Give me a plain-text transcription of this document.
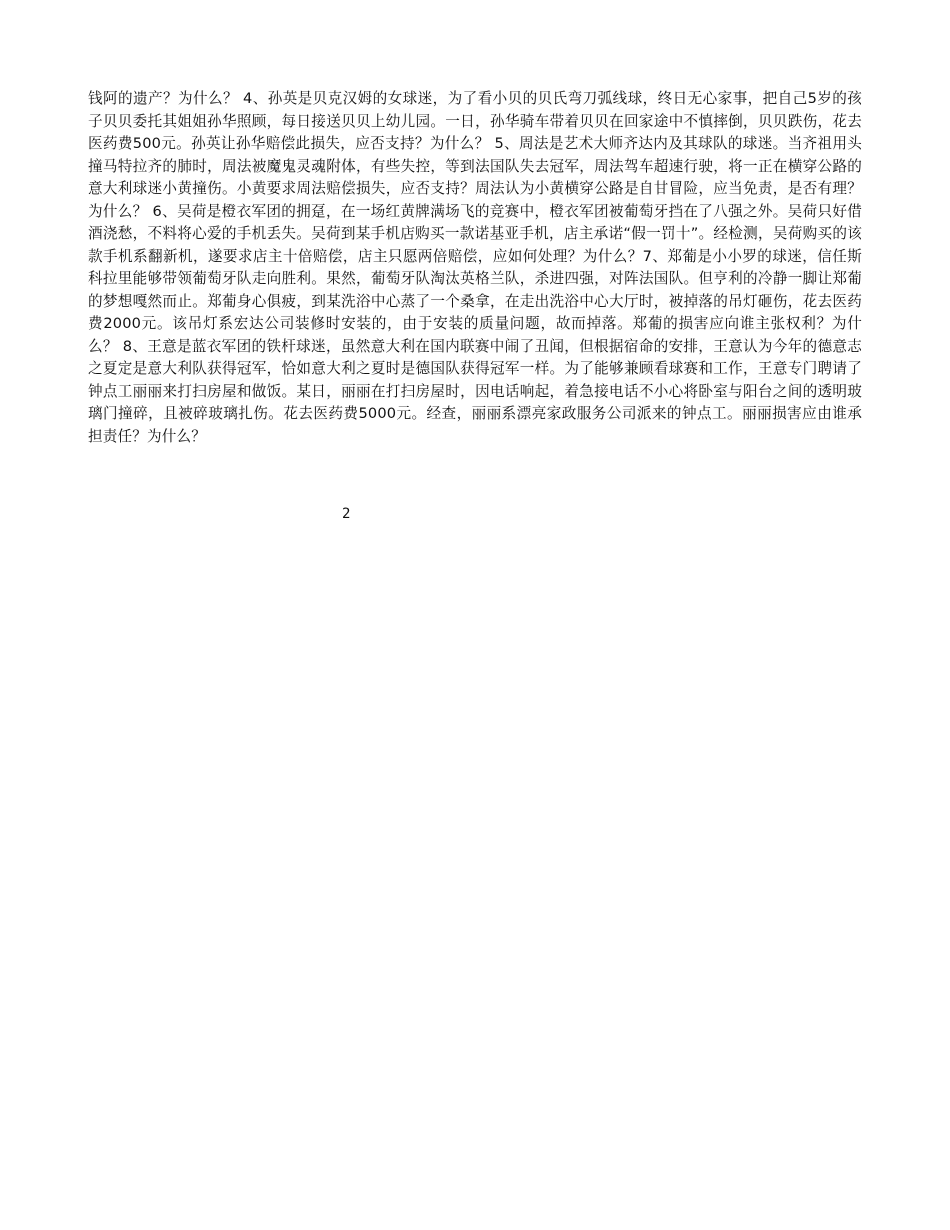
钱阿的遗产？为什么？ 4、孙英是贝克汉姆的女球迷，为了看小贝的贝氏弯刀弧线球，终日无心家事，把自己5岁的孩子贝贝委托其姐姐孙华照顾，每日接送贝贝上幼儿园。一日，孙华骑车带着贝贝在回家途中不慎摔倒，贝贝跌伤，花去医药费500元。孙英让孙华赔偿此损失，应否支持？为什么？ 5、周法是艺术大师齐达内及其球队的球迷。当齐祖用头撞马特拉齐的肺时，周法被魔鬼灵魂附体，有些失控，等到法国队失去冠军，周法驾车超速行驶，将一正在横穿公路的意大利球迷小黄撞伤。小黄要求周法赔偿损失，应否支持？周法认为小黄横穿公路是自甘冒险，应当免责，是否有理？为什么？ 6、吴荷是橙衣军团的拥趸，在一场红黄牌满场飞的竞赛中，橙衣军团被葡萄牙挡在了八强之外。吴荷只好借酒浇愁，不料将心爱的手机丢失。吴荷到某手机店购买一款诺基亚手机，店主承诺“假一罚十”。经检测，吴荷购买的该款手机系翻新机，遂要求店主十倍赔偿，店主只愿两倍赔偿，应如何处理？为什么？7、郑葡是小小罗的球迷，信任斯科拉里能够带领葡萄牙队走向胜利。果然，葡萄牙队淘汰英格兰队，杀进四强，对阵法国队。但亨利的冷静一脚让郑葡的梦想嘎然而止。郑葡身心俱疲，到某洗浴中心蒸了一个桑拿，在走出洗浴中心大厅时，被掉落的吊灯砸伤，花去医药费2000元。该吊灯系宏达公司装修时安装的，由于安装的质量问题，故而掉落。郑葡的损害应向谁主张权利？为什么？ 8、王意是蓝衣军团的铁杆球迷，虽然意大利在国内联赛中闹了丑闻，但根据宿命的安排，王意认为今年的德意志之夏定是意大利队获得冠军，恰如意大利之夏时是德国队获得冠军一样。为了能够兼顾看球赛和工作，王意专门聘请了钟点工丽丽来打扫房屋和做饭。某日，丽丽在打扫房屋时，因电话响起，着急接电话不小心将卧室与阳台之间的透明玻璃门撞碎，且被碎玻璃扎伤。花去医药费5000元。经查，丽丽系漂亮家政服务公司派来的钟点工。丽丽损害应由谁承担责任？为什么？

2
